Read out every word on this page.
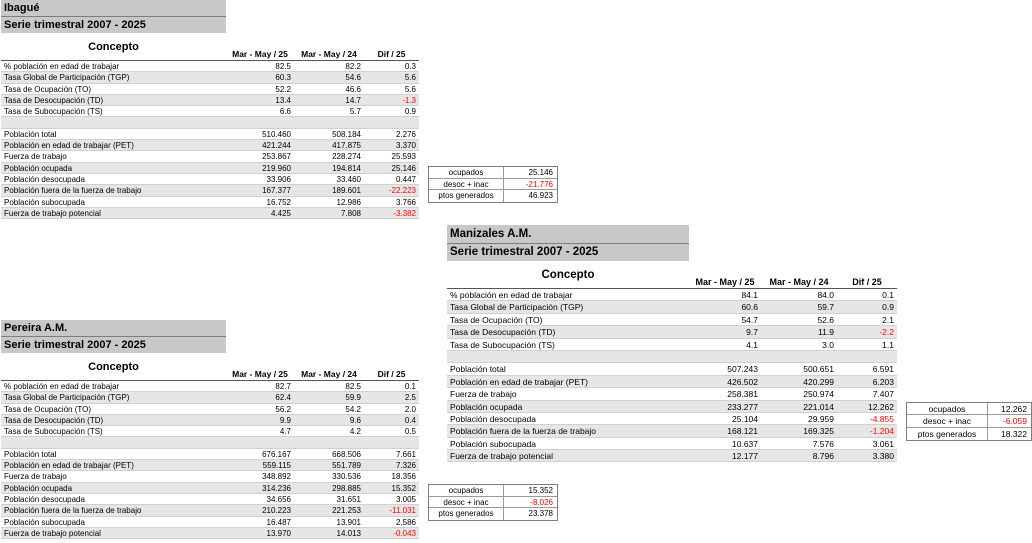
Ibagué
Serie trimestral 2007 - 2025
Concepto
Mar - May / 25	Mar - May / 24	Dif / 25
% población en edad de trabajar	82.5	82.2	0.3
Tasa Global de Participación (TGP)	60.3	54.6	5.6
Tasa de Ocupación (TO)	52.2	46.6	5.6
Tasa de Desocupación (TD)	13.4	14.7	-1.3
Tasa de Subocupación (TS)	6.6	5.7	0.9
Población total	510.460	508.184	2.276
Población en edad de trabajar (PET)	421.244	417.875	3.370
Fuerza de trabajo	253.867	228.274	25.593
Población ocupada	219.960	194.814	25.146
Población desocupada	33.906	33.460	0.447
Población fuera de la fuerza de trabajo	167.377	189.601	-22.223
Población subocupada	16.752	12.986	3.766
Fuerza de trabajo potencial	4.425	7.808	-3.382
ocupados	25.146
desoc + inac	-21.776
ptos generados	46.923
Manizales A.M.
Serie trimestral 2007 - 2025
Concepto
Mar - May / 25	Mar - May / 24	Dif / 25
% población en edad de trabajar	84.1	84.0	0.1
Tasa Global de Participación (TGP)	60.6	59.7	0.9
Tasa de Ocupación (TO)	54.7	52.6	2.1
Tasa de Desocupación (TD)	9.7	11.9	-2.2
Tasa de Subocupación (TS)	4.1	3.0	1.1
Población total	507.243	500.651	6.591
Población en edad de trabajar (PET)	426.502	420.299	6.203
Fuerza de trabajo	258.381	250.974	7.407
Población ocupada	233.277	221.014	12.262
Población desocupada	25.104	29.959	-4.855
Población fuera de la fuerza de trabajo	168.121	169.325	-1.204
Población subocupada	10.637	7.576	3.061
Fuerza de trabajo potencial	12.177	8.796	3.380
ocupados	12.262
desoc + inac	-6.059
ptos generados	18.322
Pereira A.M.
Serie trimestral 2007 - 2025
Concepto
Mar - May / 25	Mar - May / 24	Dif / 25
% población en edad de trabajar	82.7	82.5	0.1
Tasa Global de Participación (TGP)	62.4	59.9	2.5
Tasa de Ocupación (TO)	56.2	54.2	2.0
Tasa de Desocupación (TD)	9.9	9.6	0.4
Tasa de Subocupación (TS)	4.7	4.2	0.5
Población total	676.167	668.506	7.661
Población en edad de trabajar (PET)	559.115	551.789	7.326
Fuerza de trabajo	348.892	330.536	18.356
Población ocupada	314.236	298.885	15.352
Población desocupada	34.656	31.651	3.005
Población fuera de la fuerza de trabajo	210.223	221.253	-11.031
Población subocupada	16.487	13.901	2.586
Fuerza de trabajo potencial	13.970	14.013	-0.043
ocupados	15.352
desoc + inac	-8.026
ptos generados	23.378
